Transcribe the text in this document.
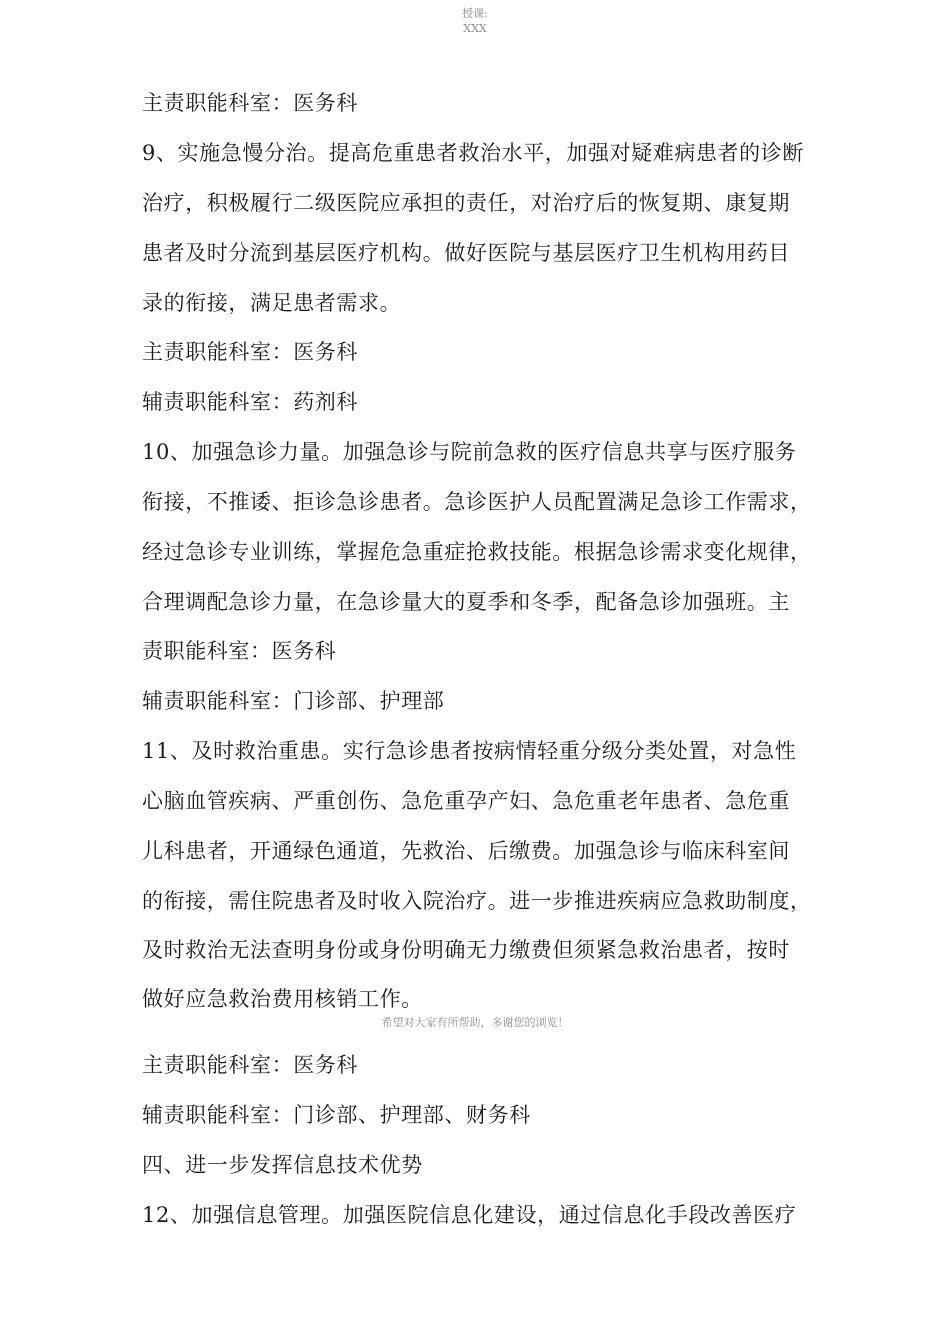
授课:
XXX
主责职能科室：医务科
9、实施急慢分治。提高危重患者救治水平，加强对疑难病患者的诊断
治疗，积极履行二级医院应承担的责任，对治疗后的恢复期、康复期
患者及时分流到基层医疗机构。做好医院与基层医疗卫生机构用药目
录的衔接，满足患者需求。
主责职能科室：医务科
辅责职能科室：药剂科
10、加强急诊力量。加强急诊与院前急救的医疗信息共享与医疗服务
衔接，不推诿、拒诊急诊患者。急诊医护人员配置满足急诊工作需求，
经过急诊专业训练，掌握危急重症抢救技能。根据急诊需求变化规律，
合理调配急诊力量，在急诊量大的夏季和冬季，配备急诊加强班。主
责职能科室：医务科
辅责职能科室：门诊部、护理部
11、及时救治重患。实行急诊患者按病情轻重分级分类处置，对急性
心脑血管疾病、严重创伤、急危重孕产妇、急危重老年患者、急危重
儿科患者，开通绿色通道，先救治、后缴费。加强急诊与临床科室间
的衔接，需住院患者及时收入院治疗。进一步推进疾病应急救助制度，
及时救治无法查明身份或身份明确无力缴费但须紧急救治患者，按时
做好应急救治费用核销工作。
主责职能科室：医务科
辅责职能科室：门诊部、护理部、财务科
四、进一步发挥信息技术优势
12、加强信息管理。加强医院信息化建设，通过信息化手段改善医疗
希望对大家有所帮助，多谢您的浏览！
